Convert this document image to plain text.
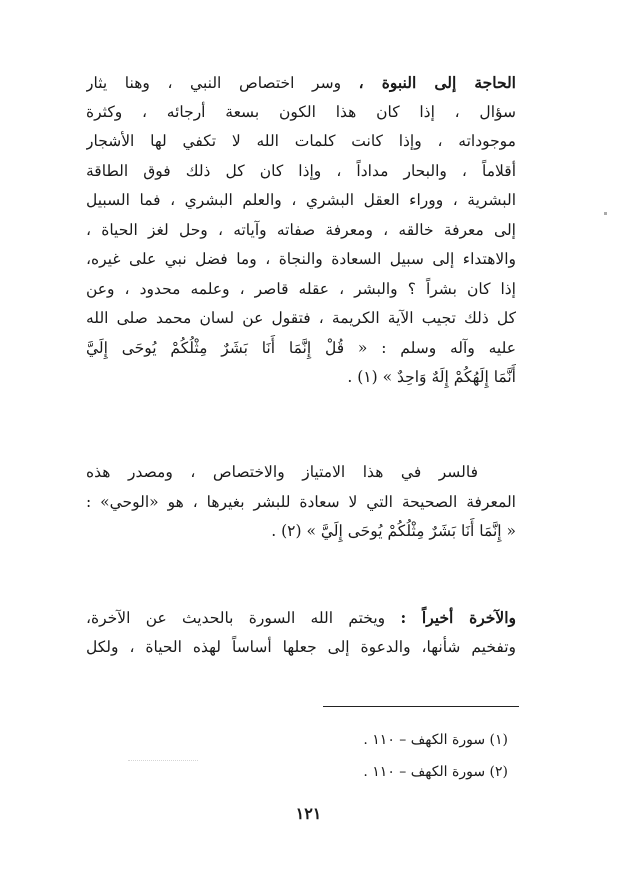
الحاجة إلى النبوة ، وسر اختصاص النبي ، وهنا يثار
سؤال ، إذا كان هذا الكون بسعة أرجائه ، وكثرة
موجوداته ، وإذا كانت كلمات الله لا تكفي لها الأشجار
أقلاماً ، والبحار مداداً ، وإذا كان كل ذلك فوق الطاقة
البشرية ، ووراء العقل البشري ، والعلم البشري ، فما السبيل
إلى معرفة خالقه ، ومعرفة صفاته وآياته ، وحل لغز الحياة ،
والاهتداء إلى سبيل السعادة والنجاة ، وما فضل نبي على غيره،
إذا كان بشراً ؟ والبشر ، عقله قاصر ، وعلمه محدود ، وعن
كل ذلك تجيب الآية الكريمة ، فتقول عن لسان محمد صلى الله
عليه وآله وسلم : « قُلْ إِنَّمَا أَنَا بَشَرٌ مِثْلُكُمْ يُوحَى إِلَيَّ
أَنَّمَا إِلَهُكُمْ إِلَهٌ وَاحِدٌ » (١) .
فالسر في هذا الامتياز والاختصاص ، ومصدر هذه
المعرفة الصحيحة التي لا سعادة للبشر بغيرها ، هو «الوحي» :
« إِنَّمَا أَنَا بَشَرٌ مِثْلُكُمْ يُوحَى إِلَيَّ » (٢) .
والآخرة أخيراً : ويختم الله السورة بالحديث عن الآخرة،
وتفخيم شأنها، والدعوة إلى جعلها أساساً لهذه الحياة ، ولكل
(١) سورة الكهف – ١١٠ .
(٢) سورة الكهف – ١١٠ .
١٢١
